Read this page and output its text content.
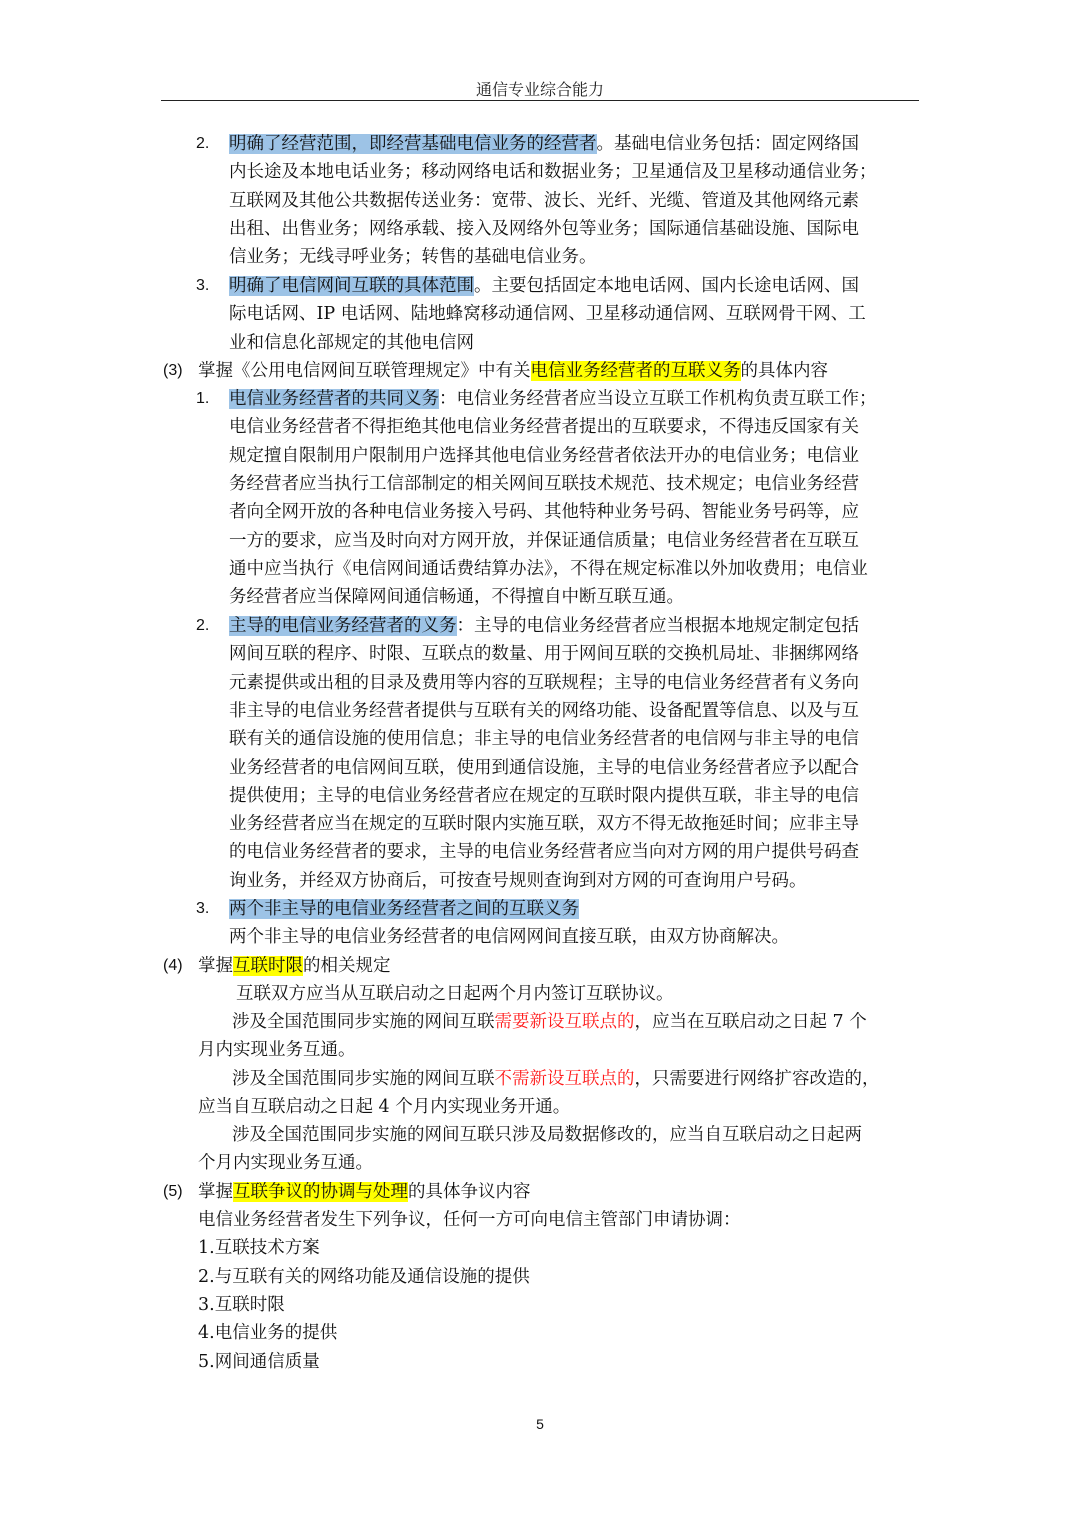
通信专业综合能力
2. 明确了经营范围，即经营基础电信业务的经营者。基础电信业务包括：固定网络国
内长途及本地电话业务；移动网络电话和数据业务；卫星通信及卫星移动通信业务；
互联网及其他公共数据传送业务：宽带、波长、光纤、光缆、管道及其他网络元素
出租、出售业务；网络承载、接入及网络外包等业务；国际通信基础设施、国际电
信业务；无线寻呼业务；转售的基础电信业务。
3. 明确了电信网间互联的具体范围。主要包括固定本地电话网、国内长途电话网、国
际电话网、IP 电话网、陆地蜂窝移动通信网、卫星移动通信网、互联网骨干网、工
业和信息化部规定的其他电信网
(3) 掌握《公用电信网间互联管理规定》中有关电信业务经营者的互联义务的具体内容
1. 电信业务经营者的共同义务：电信业务经营者应当设立互联工作机构负责互联工作；
电信业务经营者不得拒绝其他电信业务经营者提出的互联要求，不得违反国家有关
规定擅自限制用户限制用户选择其他电信业务经营者依法开办的电信业务；电信业
务经营者应当执行工信部制定的相关网间互联技术规范、技术规定；电信业务经营
者向全网开放的各种电信业务接入号码、其他特种业务号码、智能业务号码等，应
一方的要求，应当及时向对方网开放，并保证通信质量；电信业务经营者在互联互
通中应当执行《电信网间通话费结算办法》，不得在规定标准以外加收费用；电信业
务经营者应当保障网间通信畅通，不得擅自中断互联互通。
2. 主导的电信业务经营者的义务：主导的电信业务经营者应当根据本地规定制定包括
网间互联的程序、时限、互联点的数量、用于网间互联的交换机局址、非捆绑网络
元素提供或出租的目录及费用等内容的互联规程；主导的电信业务经营者有义务向
非主导的电信业务经营者提供与互联有关的网络功能、设备配置等信息、以及与互
联有关的通信设施的使用信息；非主导的电信业务经营者的电信网与非主导的电信
业务经营者的电信网间互联，使用到通信设施，主导的电信业务经营者应予以配合
提供使用；主导的电信业务经营者应在规定的互联时限内提供互联，非主导的电信
业务经营者应当在规定的互联时限内实施互联，双方不得无故拖延时间；应非主导
的电信业务经营者的要求，主导的电信业务经营者应当向对方网的用户提供号码查
询业务，并经双方协商后，可按查号规则查询到对方网的可查询用户号码。
3. 两个非主导的电信业务经营者之间的互联义务
两个非主导的电信业务经营者的电信网网间直接互联，由双方协商解决。
(4) 掌握互联时限的相关规定
互联双方应当从互联启动之日起两个月内签订互联协议。
涉及全国范围同步实施的网间互联需要新设互联点的，应当在互联启动之日起 7 个
月内实现业务互通。
涉及全国范围同步实施的网间互联不需新设互联点的，只需要进行网络扩容改造的，
应当自互联启动之日起 4 个月内实现业务开通。
涉及全国范围同步实施的网间互联只涉及局数据修改的，应当自互联启动之日起两
个月内实现业务互通。
(5) 掌握互联争议的协调与处理的具体争议内容
电信业务经营者发生下列争议，任何一方可向电信主管部门申请协调：
1.互联技术方案
2.与互联有关的网络功能及通信设施的提供
3.互联时限
4.电信业务的提供
5.网间通信质量
5
